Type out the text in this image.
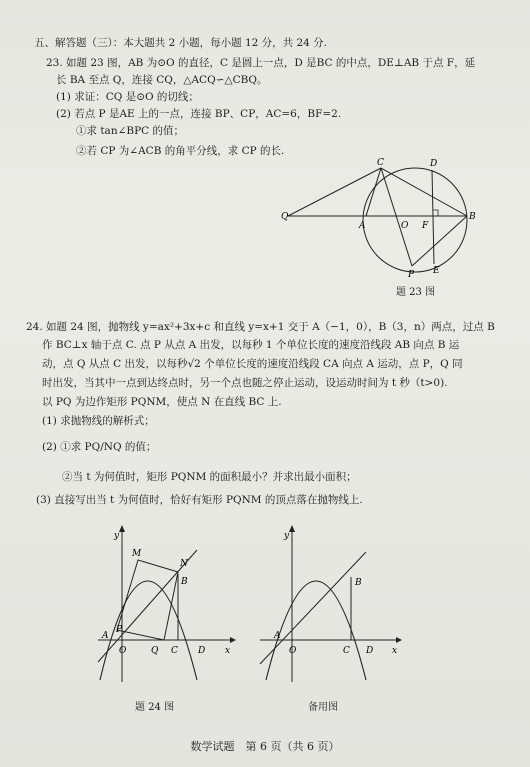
五、解答题（三）：本大题共 2 小题，每小题 12 分，共 24 分.
23. 如题 23 图，AB 为⊙O 的直径，C 是圆上一点，D 是BC 的中点，DE⊥AB 于点 F，延
长 BA 至点 Q，连接 CQ，△ACQ∽△CBQ。
(1) 求证：CQ 是⊙O 的切线；
(2) 若点 P 是AE 上的一点，连接 BP、CP，AC=6，BF=2.
①求 tan∠BPC 的值；
②若 CP 为∠ACB 的角平分线，求 CP 的长.
C	D
Q
A	O F
B
P E
题 23 图
24. 如题 24 图，抛物线 y=ax²+3x+c 和直线 y=x+1 交于 A（−1，0），B（3，n）两点，过点 B
作 BC⊥x 轴于点 C. 点 P 从点 A 出发，以每秒 1 个单位长度的速度沿线段 AB 向点 B 运
动，点 Q 从点 C 出发，以每秒√2 个单位长度的速度沿线段 CA 向点 A 运动，点 P，Q 同
时出发，当其中一点到达终点时，另一个点也随之停止运动，设运动时间为 t 秒（t>0).
以 PQ 为边作矩形 PQNM，使点 N 在直线 BC 上.
(1) 求抛物线的解析式；
(2) ①求 PQ/NQ 的值；
②当 t 为何值时，矩形 PQNM 的面积最小？并求出最小面积；
(3) 直接写出当 t 为何值时，恰好有矩形 PQNM 的顶点落在抛物线上.
y
M
N
B
A
P
O	Q C D x
题 24 图
y
B
A
O	C D x
备用图
数学试题　第 6 页（共 6 页）
